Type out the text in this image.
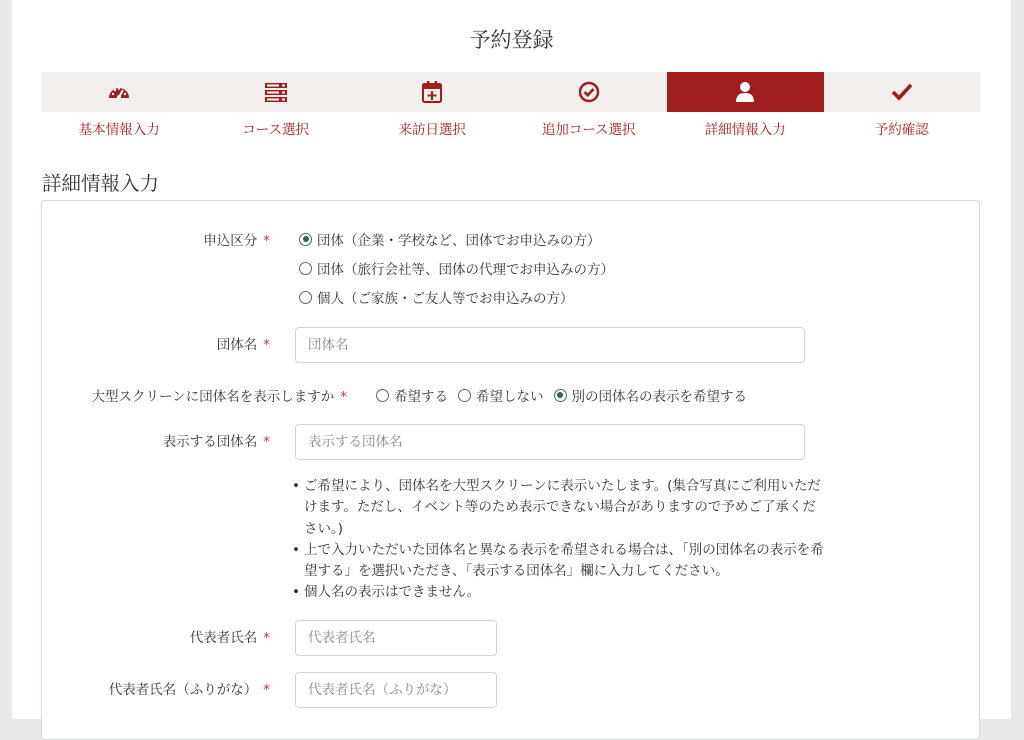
予約登録
基本情報入力	コース選択	来訪日選択	追加コース選択	詳細情報入力	予約確認
詳細情報入力
申込区分 *	団体（企業・学校など、団体でお申込みの方）
団体（旅行会社等、団体の代理でお申込みの方）
個人（ご家族・ご友人等でお申込みの方）
団体名 *
団体名
大型スクリーンに団体名を表示しますか *	希望する 希望しない 別の団体名の表示を希望する
表示する団体名 *
表示する団体名
• ご希望により、団体名を大型スクリーンに表示いたします。(集合写真にご利用いただけます。ただし、イベント等のため表示できない場合がありますので予めご了承ください。)
• 上で入力いただいた団体名と異なる表示を希望される場合は、「別の団体名の表示を希望する」を選択いただき、「表示する団体名」欄に入力してください。
• 個人名の表示はできません。
代表者氏名 *
代表者氏名
代表者氏名（ふりがな） *
代表者氏名（ふりがな）
